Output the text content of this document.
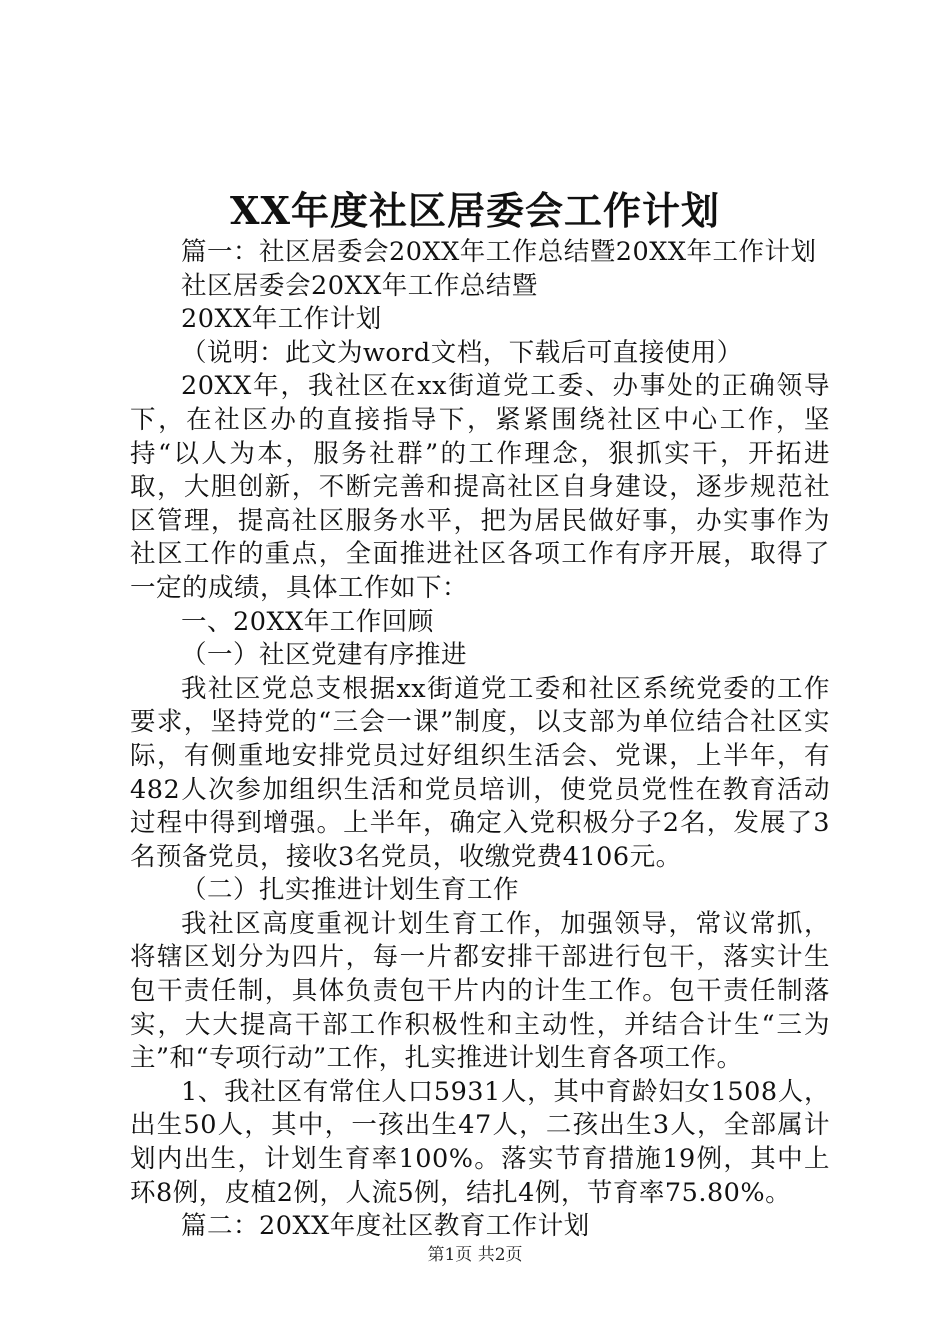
XX年度社区居委会工作计划

篇一：社区居委会20XX年工作总结暨20XX年工作计划

社区居委会20XX年工作总结暨

20XX年工作计划

（说明：此文为word文档，下载后可直接使用）

20XX年，我社区在xx街道党工委、办事处的正确领导下，在社区办的直接指导下，紧紧围绕社区中心工作，坚持“以人为本，服务社群”的工作理念，狠抓实干，开拓进取，大胆创新，不断完善和提高社区自身建设，逐步规范社区管理，提高社区服务水平，把为居民做好事，办实事作为社区工作的重点，全面推进社区各项工作有序开展，取得了一定的成绩，具体工作如下：

一、20XX年工作回顾

（一）社区党建有序推进

我社区党总支根据xx街道党工委和社区系统党委的工作要求，坚持党的“三会一课”制度，以支部为单位结合社区实际，有侧重地安排党员过好组织生活会、党课，上半年，有482人次参加组织生活和党员培训，使党员党性在教育活动过程中得到增强。上半年，确定入党积极分子2名，发展了3名预备党员，接收3名党员，收缴党费4106元。

（二）扎实推进计划生育工作

我社区高度重视计划生育工作，加强领导，常议常抓，将辖区划分为四片，每一片都安排干部进行包干，落实计生包干责任制，具体负责包干片内的计生工作。包干责任制落实，大大提高干部工作积极性和主动性，并结合计生“三为主”和“专项行动”工作，扎实推进计划生育各项工作。

1、我社区有常住人口5931人，其中育龄妇女1508人，出生50人，其中，一孩出生47人，二孩出生3人，全部属计划内出生，计划生育率100%。落实节育措施19例，其中上环8例，皮植2例，人流5例，结扎4例，节育率75.80%。

篇二：20XX年度社区教育工作计划

第1页 共2页
